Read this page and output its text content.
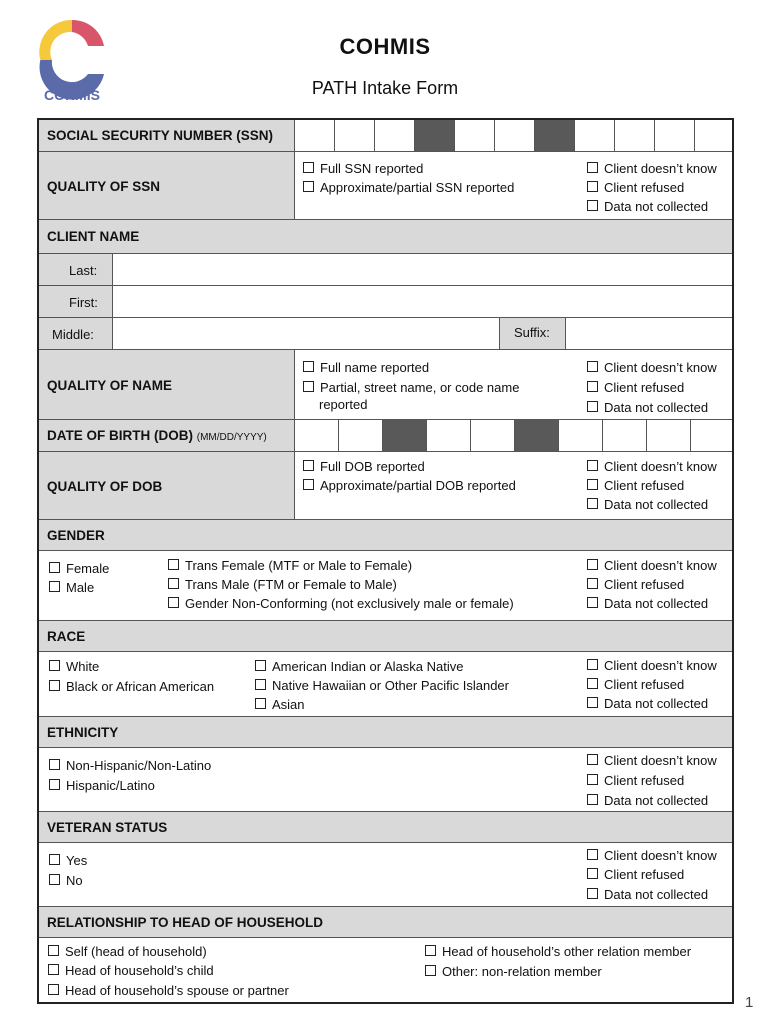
COHMIS
COHMIS
PATH Intake Form
SOCIAL SECURITY NUMBER (SSN)
QUALITY OF SSN
Full SSN reported
Approximate/partial SSN reported
Client doesn’t know
Client refused
Data not collected
CLIENT NAME
Last:
First:
Middle:	Suffix:
QUALITY OF NAME
Full name reported
Partial, street name, or code name
reported
Client doesn’t know
Client refused
Data not collected
DATE OF BIRTH (DOB) (MM/DD/YYYY)
QUALITY OF DOB
Full DOB reported
Approximate/partial DOB reported
Client doesn’t know
Client refused
Data not collected
GENDER
Female
Male
Trans Female (MTF or Male to Female)
Trans Male (FTM or Female to Male)
Gender Non-Conforming (not exclusively male or female)
Client doesn’t know
Client refused
Data not collected
RACE
White
Black or African American
American Indian or Alaska Native
Native Hawaiian or Other Pacific Islander
Asian
Client doesn’t know
Client refused
Data not collected
ETHNICITY
Non-Hispanic/Non-Latino
Hispanic/Latino
Client doesn’t know
Client refused
Data not collected
VETERAN STATUS
Yes
No
Client doesn’t know
Client refused
Data not collected
RELATIONSHIP TO HEAD OF HOUSEHOLD
Self (head of household)
Head of household’s child
Head of household’s spouse or partner
Head of household’s other relation member
Other: non-relation member
1
